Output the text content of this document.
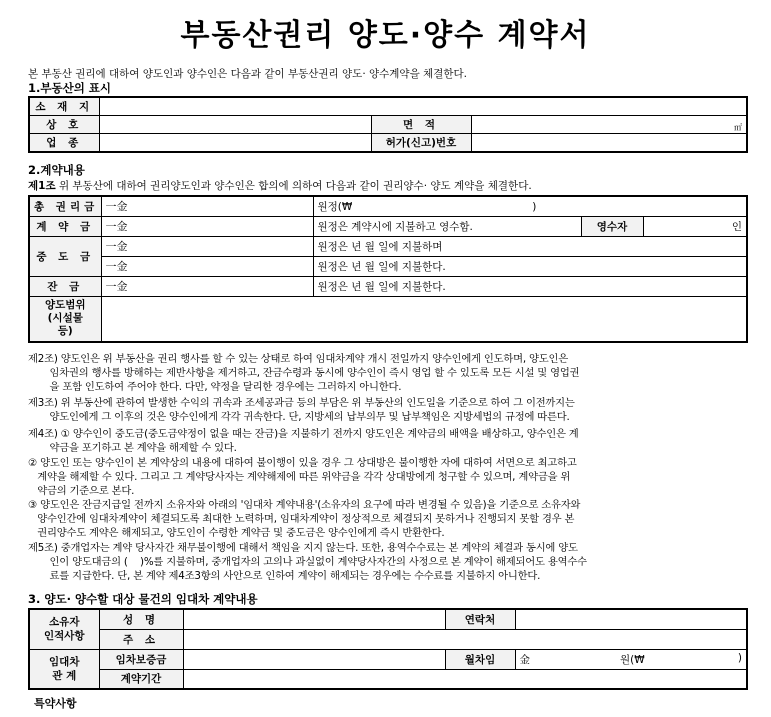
부동산권리 양도·양수 계약서
본 부동산 권리에 대하여 양도인과 양수인은 다음과 같이 부동산권리 양도· 양수계약을 체결한다.
1.부동산의 표시
소 재 지			
상 호		면 적	㎡
업 종		허가(신고)번호	
2.계약내용
제1조 위 부동산에 대하여 권리양도인과 양수인은 합의에 의하여 다음과 같이 권리양수· 양도 계약을 체결한다.
총 권리금	一金	원정(₩ )		
계 약 금	一金	원정은 계약시에 지불하고 영수함.	영수자	인
중 도 금	一金	원정은 년 월 일에 지불하며		
	一金	원정은 년 월 일에 지불한다.		
잔 금	一金	원정은 년 월 일에 지불한다.		
양도범위
(시설물
등)				
제2조) 양도인은 위 부동산을 권리 행사를 할 수 있는 상태로 하여 임대차계약 개시 전일까지 양수인에게 인도하며, 양도인은
임차권의 행사를 방해하는 제반사항을 제거하고, 잔금수령과 동시에 양수인이 즉시 영업 할 수 있도록 모든 시설 및 영업권
을 포함 인도하여 주어야 한다. 다만, 약정을 달리한 경우에는 그러하지 아니한다.
제3조) 위 부동산에 관하여 발생한 수익의 귀속과 조세공과금 등의 부담은 위 부동산의 인도일을 기준으로 하여 그 이전까지는
양도인에게 그 이후의 것은 양수인에게 각각 귀속한다. 단, 지방세의 납부의무 및 납부책임은 지방세법의 규정에 따른다.
제4조) ① 양수인이 중도금(중도금약정이 없을 때는 잔금)을 지불하기 전까지 양도인은 계약금의 배액을 배상하고, 양수인은 계
약금을 포기하고 본 계약을 해제할 수 있다.
② 양도인 또는 양수인이 본 계약상의 내용에 대하여 불이행이 있을 경우 그 상대방은 불이행한 자에 대하여 서면으로 최고하고
계약을 해제할 수 있다. 그리고 그 계약당사자는 계약해제에 따른 위약금을 각각 상대방에게 청구할 수 있으며, 계약금을 위
약금의 기준으로 본다.
③ 양도인은 잔금지급일 전까지 소유자와 아래의 '임대차 계약내용'(소유자의 요구에 따라 변경될 수 있음)을 기준으로 소유자와
양수인간에 임대차계약이 체결되도록 최대한 노력하며, 임대차계약이 정상적으로 체결되지 못하거나 진행되지 못할 경우 본
권리양수도 계약은 해제되고, 양도인이 수령한 계약금 및 중도금은 양수인에게 즉시 반환한다.
제5조) 중개업자는 계약 당사자간 채무불이행에 대해서 책임을 지지 않는다. 또한, 용역수수료는 본 계약의 체결과 동시에 양도
인이 양도대금의 (    )%를 지불하며, 중개업자의 고의나 과실없이 계약당사자간의 사정으로 본 계약이 해제되어도 용역수수
료를 지급한다. 단, 본 계약 제4조3항의 사안으로 인하여 계약이 해제되는 경우에는 수수료를 지불하지 아니한다.
3. 양도· 양수할 대상 물건의 임대차 계약내용
소유자
인적사항	성 명		연락처	
	주 소			
임대차
관 계	임차보증금		월차임	金 원(₩ )

	계약기간			
특약사항
